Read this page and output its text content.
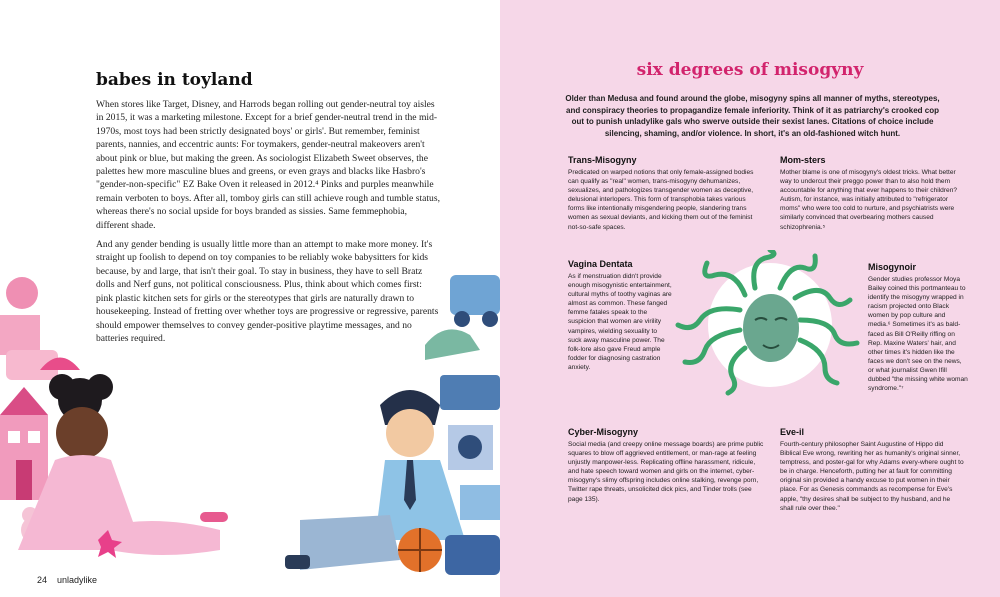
babes in toyland

When stores like Target, Disney, and Harrods began rolling out gender-neutral toy aisles in 2015, it was a marketing milestone. Except for a brief gender-neutral trend in the mid-1970s, most toys had been strictly designated boys' or girls'. But remember, feminist parents, nannies, and eccentric aunts: For toymakers, gender-neutral makeovers aren't about pink or blue, but making the green. As sociologist Elizabeth Sweet observes, the palettes hew more masculine blues and greens, or even grays and blacks like Hasbro's "gender-non-specific" EZ Bake Oven it released in 2012.⁴ Pinks and purples meanwhile remain verboten to boys. After all, tomboy girls can still achieve rough and tumble status, whereas there's no social upside for boys branded as sissies. Same femmephobia, different shade.

And any gender bending is usually little more than an attempt to make more money. It's straight up foolish to depend on toy companies to be reliably woke babysitters for kids because, by and large, that isn't their goal. To stay in business, they have to sell Bratz dolls and Nerf guns, not political consciousness. Plus, think about which comes first: pink plastic kitchen sets for girls or the stereotypes that girls are naturally drawn to housekeeping. Instead of fretting over whether toys are progressive or regressive, parents should empower themselves to convey gender-positive playtime messages, and no batteries required.

24 unladylike
six degrees of misogyny
Older than Medusa and found around the globe, misogyny spins all manner of myths, stereotypes, and conspiracy theories to propagandize female inferiority. Think of it as patriarchy's crooked cop out to punish unladylike gals who swerve outside their sexist lanes. Citations of choice include silencing, shaming, and/or violence. In short, it's an old-fashioned witch hunt.
Trans-Misogyny

Predicated on warped notions that only female-assigned bodies can qualify as "real" women, trans-misogyny dehumanizes, sexualizes, and pathologizes transgender women as deceptive, delusional interlopers. This form of transphobia takes various forms like intentionally misgendering people, slandering trans women as sexual deviants, and kicking them out of the feminist not-so-safe spaces.

Mom-sters

Mother blame is one of misogyny's oldest tricks. What better way to undercut their preggo power than to also hold them accountable for anything that ever happens to their children? Autism, for instance, was initially attributed to "refrigerator moms" who were too cold to nurture, and psychiatrists were similarly convinced that overbearing mothers caused schizophrenia.⁵

Vagina Dentata

As if menstruation didn't provide enough misogynistic entertainment, cultural myths of toothy vaginas are almost as common. These fanged femme fatales speak to the suspicion that women are virility vampires, wielding sexuality to suck away masculine power. The folk-lore also gave Freud ample fodder for diagnosing castration anxiety.

Misogynoir

Gender studies professor Moya Bailey coined this portmanteau to identify the misogyny wrapped in racism projected onto Black women by pop culture and media.⁶ Sometimes it's as bald-faced as Bill O'Reilly riffing on Rep. Maxine Waters' hair, and other times it's hidden like the faces we don't see on the news, or what journalist Gwen Ifill dubbed "the missing white woman syndrome."⁷

Cyber-Misogyny

Social media (and creepy online message boards) are prime public squares to blow off aggrieved entitlement, or man-rage at feeling unjustly manpower-less. Replicating offline harassment, ridicule, and hate speech toward women and girls on the internet, cyber-misogyny's slimy offspring includes online stalking, revenge porn, Twitter rape threats, unsolicited dick pics, and Tinder trolls (see page 135).

Eve-il

Fourth-century philosopher Saint Augustine of Hippo did Biblical Eve wrong, rewriting her as humanity's original sinner, temptress, and poster-gal for why Adams every-where ought to be in charge. Henceforth, putting her at fault for committing original sin provided a handy excuse to put women in their place. For as Genesis commands as recompense for Eve's apple, "thy desires shall be subject to thy husband, and he shall rule over thee."
